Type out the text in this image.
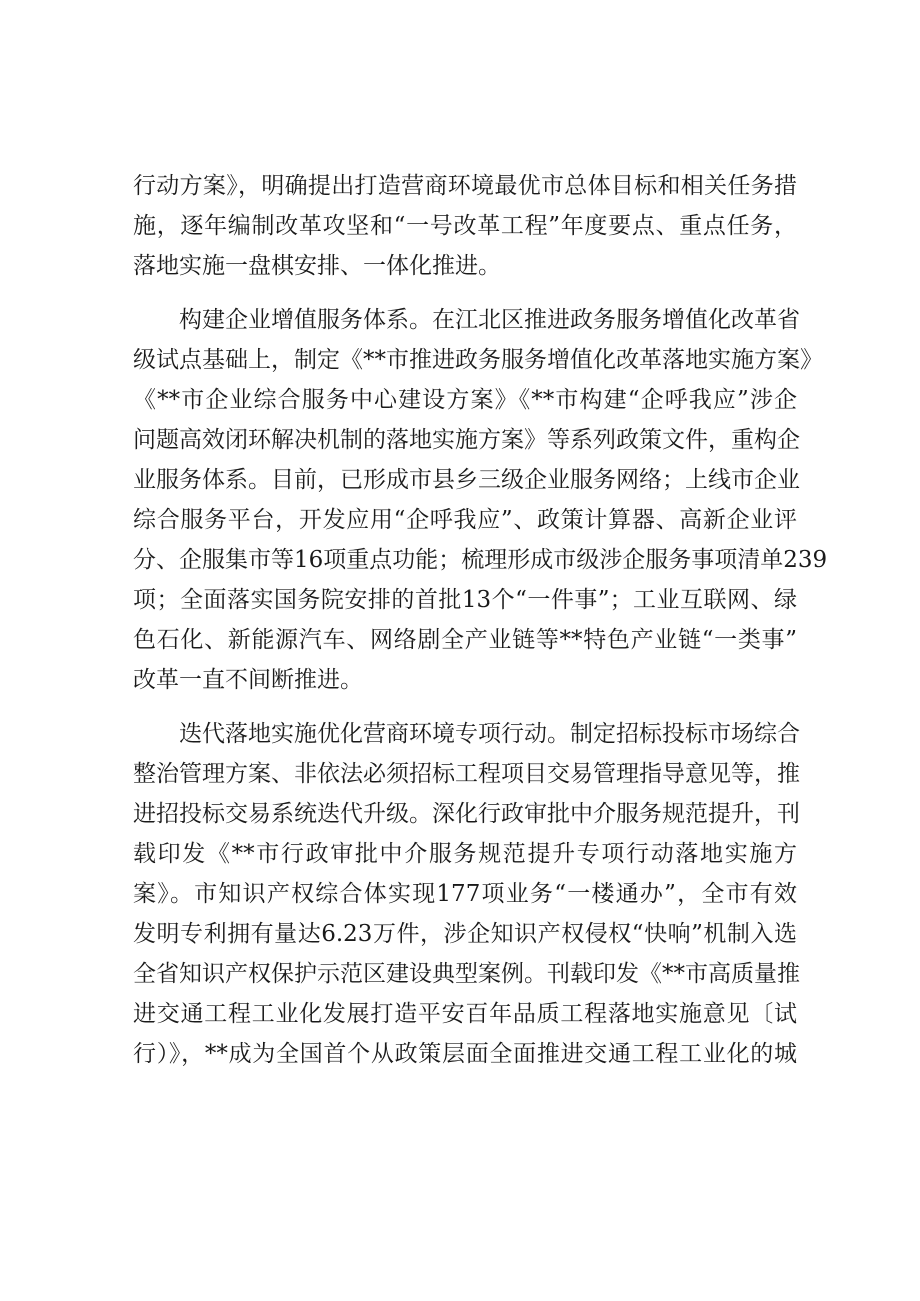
行动方案》，明确提出打造营商环境最优市总体目标和相关任务措
施，逐年编制改革攻坚和“一号改革工程”年度要点、重点任务，
落地实施一盘棋安排、一体化推进。
　　构建企业增值服务体系。在江北区推进政务服务增值化改革省
级试点基础上，制定《**市推进政务服务增值化改革落地实施方案》
《**市企业综合服务中心建设方案》《**市构建“企呼我应”涉企
问题高效闭环解决机制的落地实施方案》等系列政策文件，重构企
业服务体系。目前，已形成市县乡三级企业服务网络；上线市企业
综合服务平台，开发应用“企呼我应”、政策计算器、高新企业评
分、企服集市等16项重点功能；梳理形成市级涉企服务事项清单239
项；全面落实国务院安排的首批13个“一件事”；工业互联网、绿
色石化、新能源汽车、网络剧全产业链等**特色产业链“一类事”
改革一直不间断推进。
　　迭代落地实施优化营商环境专项行动。制定招标投标市场综合
整治管理方案、非依法必须招标工程项目交易管理指导意见等，推
进招投标交易系统迭代升级。深化行政审批中介服务规范提升，刊
载印发《**市行政审批中介服务规范提升专项行动落地实施方
案》。市知识产权综合体实现177项业务“一楼通办”，全市有效
发明专利拥有量达6.23万件，涉企知识产权侵权“快响”机制入选
全省知识产权保护示范区建设典型案例。刊载印发《**市高质量推
进交通工程工业化发展打造平安百年品质工程落地实施意见〔试
行）》，**成为全国首个从政策层面全面推进交通工程工业化的城
